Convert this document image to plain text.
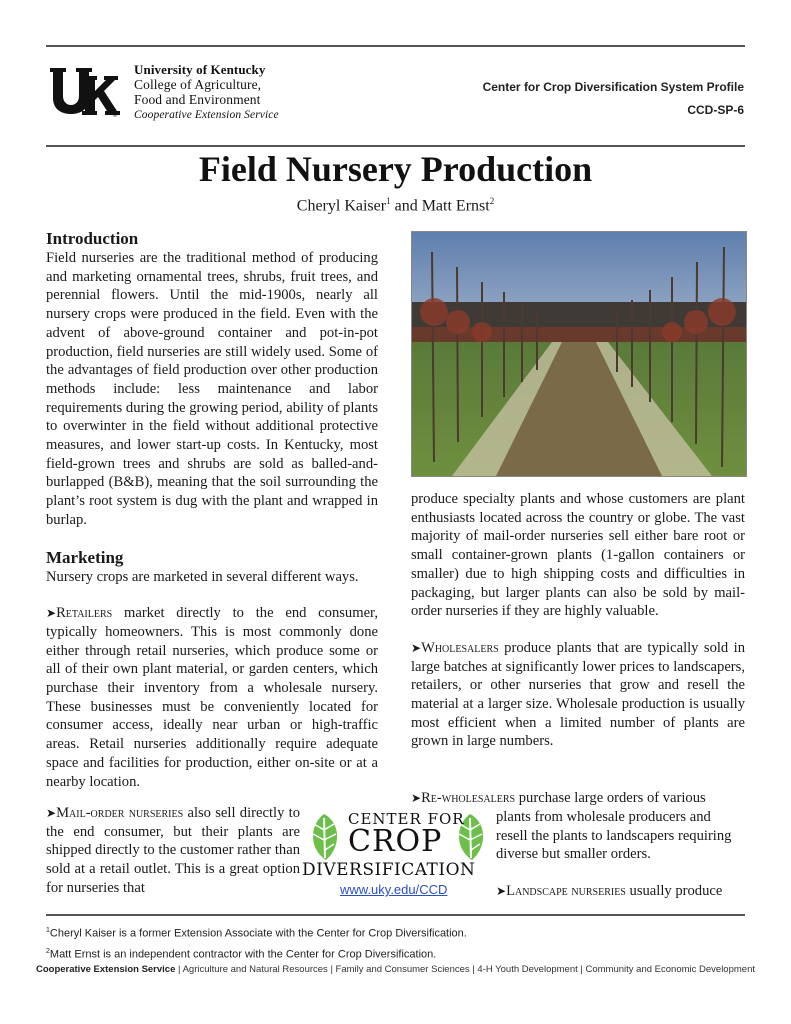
®
University of Kentucky
College of Agriculture,
Food and Environment
Cooperative Extension Service
Center for Crop Diversification System Profile
CCD-SP-6
Field Nursery Production
Cheryl Kaiser$^1$ and Matt Ernst$^2$
Introduction

Field nurseries are the traditional method of producing and marketing ornamental trees, shrubs, fruit trees, and perennial flowers. Until the mid-1900s, nearly all nursery crops were produced in the field. Even with the advent of above-ground container and pot-in-pot production, field nurseries are still widely used. Some of the advantages of field production over other production methods include: less maintenance and labor requirements during the growing period, ability of plants to overwinter in the field without additional protective measures, and lower start-up costs. In Kentucky, most field-grown trees and shrubs are sold as balled-and-burlapped (B&B), meaning that the soil surrounding the plant’s root system is dug with the plant and wrapped in burlap.

Marketing

Nursery crops are marketed in several different ways.

➤Retailers market directly to the end consumer, typically homeowners. This is most commonly done either through retail nurseries, which produce some or all of their own plant material, or garden centers, which purchase their inventory from a wholesale nursery. These businesses must be conveniently located for consumer access, ideally near urban or high-traffic areas. Retail nurseries additionally require adequate space and facilities for production, either on-site or at a nearby location.

➤Mail-order nurseries also sell directly to the end consumer, but their plants are shipped directly to the customer rather than sold at a retail outlet. This is a great option for nurseries that

produce specialty plants and whose customers are plant enthusiasts located across the country or globe. The vast majority of mail-order nurseries sell either bare root or small container-grown plants (1-gallon containers or smaller) due to high shipping costs and difficulties in packaging, but larger plants can also be sold by mail-order nurseries if they are highly valuable.

➤Wholesalers produce plants that are typically sold in large batches at significantly lower prices to landscapers, retailers, or other nurseries that grow and resell the material at a larger size. Wholesale production is usually most efficient when a limited number of plants are grown in large numbers.

➤Re-wholesalers purchase large orders of various

plants from wholesale producers and resell the plants to landscapers requiring diverse but smaller orders.

➤Landscape nurseries usually produce

CENTER FOR
CROP
DIVERSIFICATION
www.uky.edu/CCD
$^1$Cheryl Kaiser is a former Extension Associate with the Center for Crop Diversification.
$^2$Matt Ernst is an independent contractor with the Center for Crop Diversification.
Cooperative Extension Service | Agriculture and Natural Resources | Family and Consumer Sciences | 4-H Youth Development | Community and Economic Development
